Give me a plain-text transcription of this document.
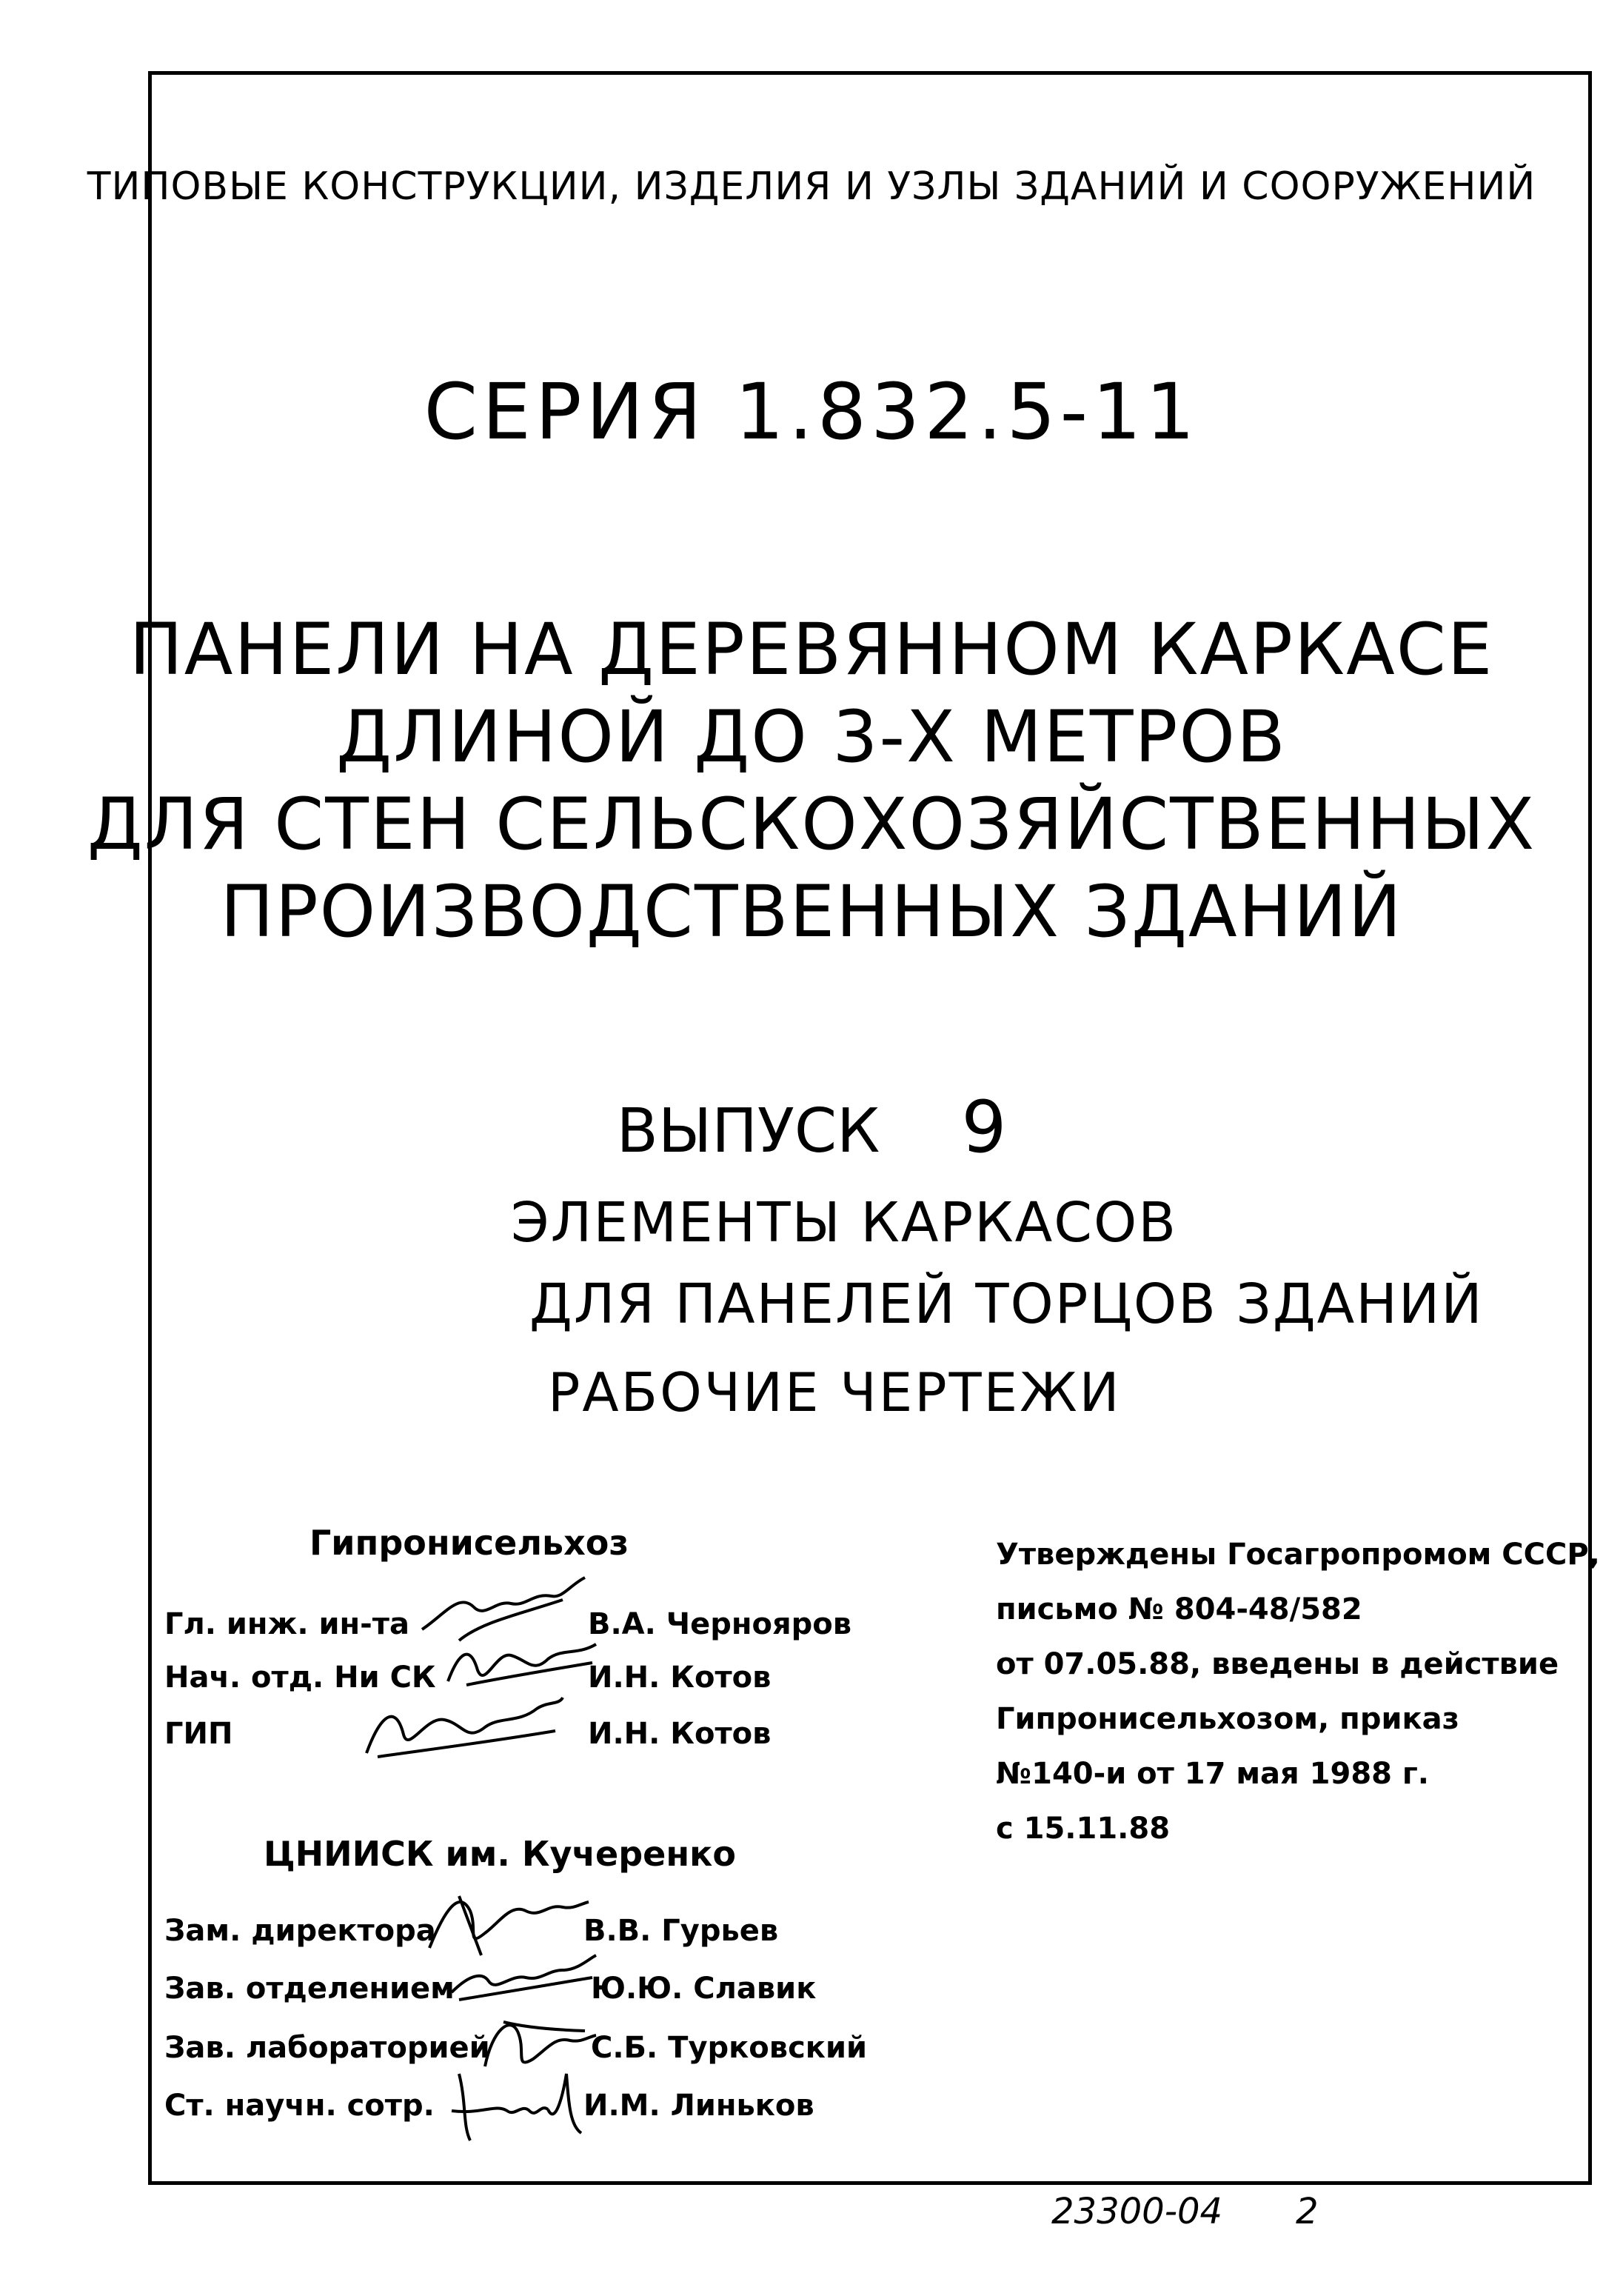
ТИПОВЫЕ КОНСТРУКЦИИ, ИЗДЕЛИЯ И УЗЛЫ ЗДАНИЙ И СООРУЖЕНИЙ
СЕРИЯ 1.832.5-11
ПАНЕЛИ НА ДЕРЕВЯННОМ КАРКАСЕ
ДЛИНОЙ ДО 3-Х МЕТРОВ
ДЛЯ СТЕН СЕЛЬСКОХОЗЯЙСТВЕННЫХ
ПРОИЗВОДСТВЕННЫХ ЗДАНИЙ
ВЫПУСК 9
ЭЛЕМЕНТЫ КАРКАСОВ
ДЛЯ ПАНЕЛЕЙ ТОРЦОВ ЗДАНИЙ
РАБОЧИЕ ЧЕРТЕЖИ
Гипронисельхоз
Гл. инж. ин-та	В.А. Чернояров
Нач. отд. Ни СК	И.Н. Котов
ГИП	И.Н. Котов
ЦНИИСК им. Кучеренко
Зам. директора	В.В. Гурьев
Зав. отделением	Ю.Ю. Славик
Зав. лабораторией	С.Б. Турковский
Ст. научн. сотр.	И.М. Линьков
Утверждены Госагропромом СССР,
письмо № 804-48/582
от 07.05.88, введены в действие
Гипронисельхозом, приказ
№140-и от 17 мая 1988 г.
с 15.11.88
23300-04 2
